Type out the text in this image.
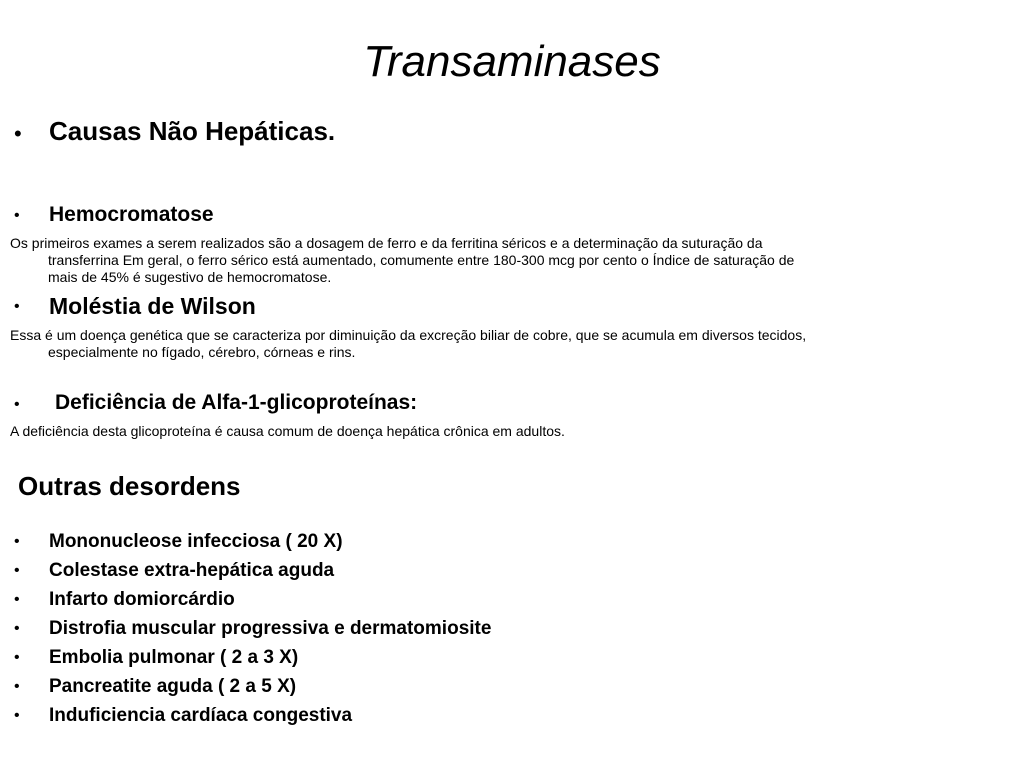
Transaminases
• Causas Não Hepáticas.
• Hemocromatose
Os primeiros exames a serem realizados são a dosagem de ferro e da ferritina séricos e a determinação da suturação da
transferrina Em geral, o ferro sérico está aumentado, comumente entre 180-300 mcg por cento o Índice de saturação de
mais de 45% é sugestivo de hemocromatose.
• Moléstia de Wilson
Essa é um doença genética que se caracteriza por diminuição da excreção biliar de cobre, que se acumula em diversos tecidos,
especialmente no fígado, cérebro, córneas e rins.
• Deficiência de Alfa-1-glicoproteínas:
A deficiência desta glicoproteína é causa comum de doença hepática crônica em adultos.
Outras desordens
• Mononucleose infecciosa ( 20 X)
• Colestase extra-hepática aguda
• Infarto domiorcárdio
• Distrofia muscular progressiva e dermatomiosite
• Embolia pulmonar ( 2 a 3 X)
• Pancreatite aguda ( 2 a 5 X)
• Induficiencia cardíaca congestiva
